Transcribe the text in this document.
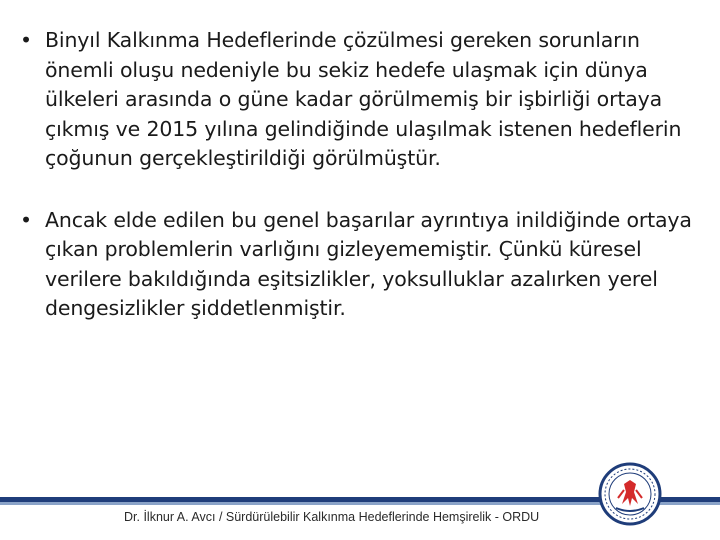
• Binyıl Kalkınma Hedeflerinde çözülmesi gereken sorunların önemli oluşu nedeniyle bu sekiz hedefe ulaşmak için dünya ülkeleri arasında o güne kadar görülmemiş bir işbirliği ortaya çıkmış ve 2015 yılına gelindiğinde ulaşılmak istenen hedeflerin çoğunun gerçekleştirildiği görülmüştür.
• Ancak elde edilen bu genel başarılar ayrıntıya inildiğinde ortaya çıkan problemlerin varlığını gizleyememiştir. Çünkü küresel verilere bakıldığında eşitsizlikler, yoksulluklar azalırken yerel dengesizlikler şiddetlenmiştir.
Dr. İlknur A. Avcı / Sürdürülebilir Kalkınma Hedeflerinde Hemşirelik - ORDU
